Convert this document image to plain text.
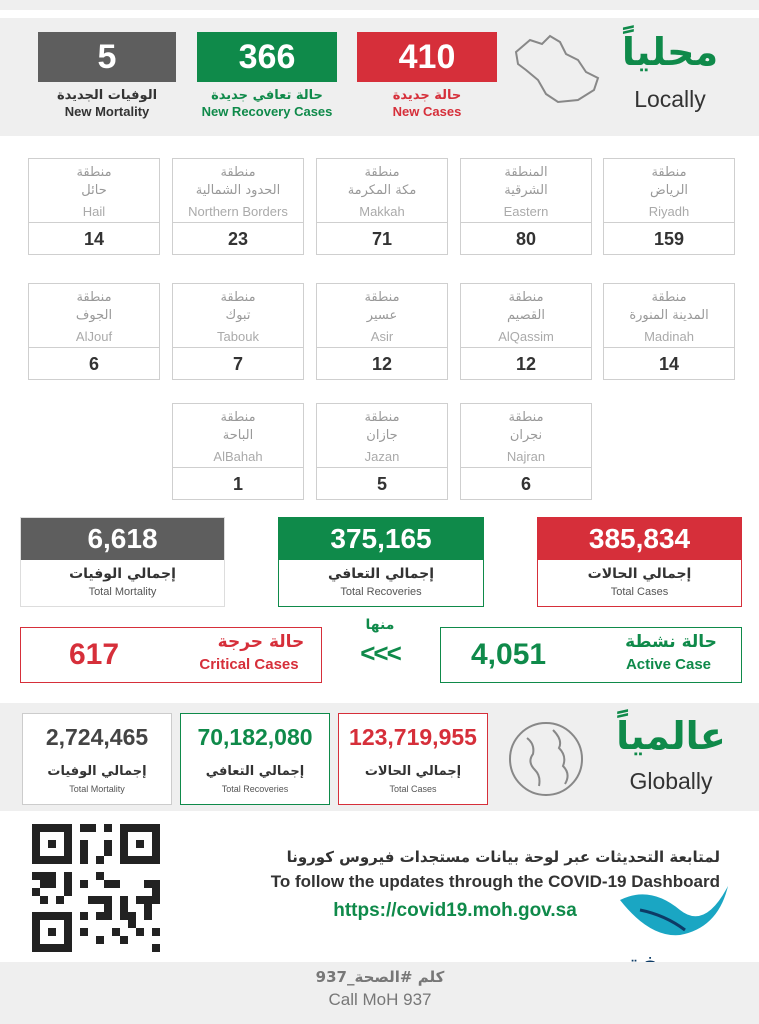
5
الوفيات الجديدة
New Mortality
366
حالة تعافي جديدة
New Recovery Cases
410
حالة جديدة
New Cases
محلياً
Locally
منطقة
الرياض
Riyadh
159
المنطقة
الشرقية
Eastern
80
منطقة
مكة المكرمة
Makkah
71
منطقة
الحدود الشمالية
Northern Borders
23
منطقة
حائل
Hail
14
منطقة
المدينة المنورة
Madinah
14
منطقة
القصيم
AlQassim
12
منطقة
عسير
Asir
12
منطقة
تبوك
Tabouk
7
منطقة
الجوف
AlJouf
6
منطقة
نجران
Najran
6
منطقة
جازان
Jazan
5
منطقة
الباحة
AlBahah
1
6,618
إجمالي الوفيات
Total Mortality
375,165
إجمالي التعافي
Total Recoveries
385,834
إجمالي الحالات
Total Cases
617	حالة حرجة
Critical Cases
منها
<<<	4,051	حالة نشطة
Active Case
2,724,465
إجمالي الوفيات
Total Mortality
70,182,080
إجمالي التعافي
Total Recoveries
123,719,955
إجمالي الحالات
Total Cases
عالمياً
Globally
لمتابعة التحديثات عبر لوحة بيانات مستجدات فيروس كورونا
To follow the updates through the COVID-19 Dashboard
https://covid19.moh.gov.sa
كلم #الصحة_937
Call MoH 937
